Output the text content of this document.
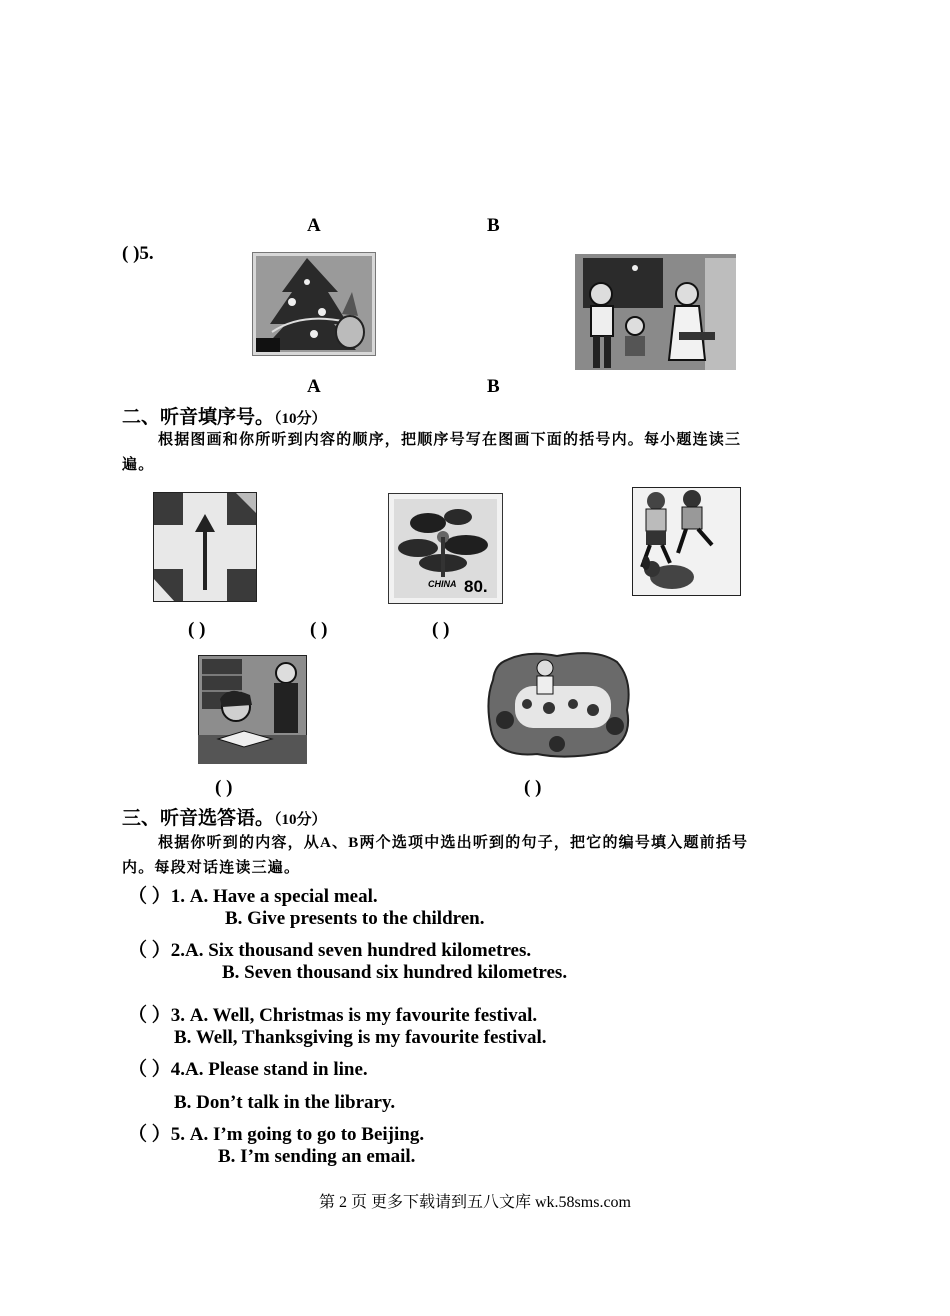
A	B
( )5.
A	B
二、听音填序号。（10分）
根据图画和你所听到内容的顺序，把顺序号写在图画下面的括号内。每小题连读三
遍。
CHINA 80.
( )	( )	( )
( )	( )
三、听音选答语。（10分）
根据你听到的内容，从A、B两个选项中选出听到的句子，把它的编号填入题前括号
内。每段对话连读三遍。
（ ）1. A. Have a special meal.
B. Give presents to the children.
（ ）2.A. Six thousand seven hundred kilometres.
B. Seven thousand six hundred kilometres.
（ ）3. A. Well, Christmas is my favourite festival.
B. Well, Thanksgiving is my favourite festival.
（ ）4.A. Please stand in line.
B. Don’t talk in the library.
（ ）5. A. I’m going to go to Beijing.
B. I’m sending an email.
第 2 页 更多下载请到五八文库 wk.58sms.com
